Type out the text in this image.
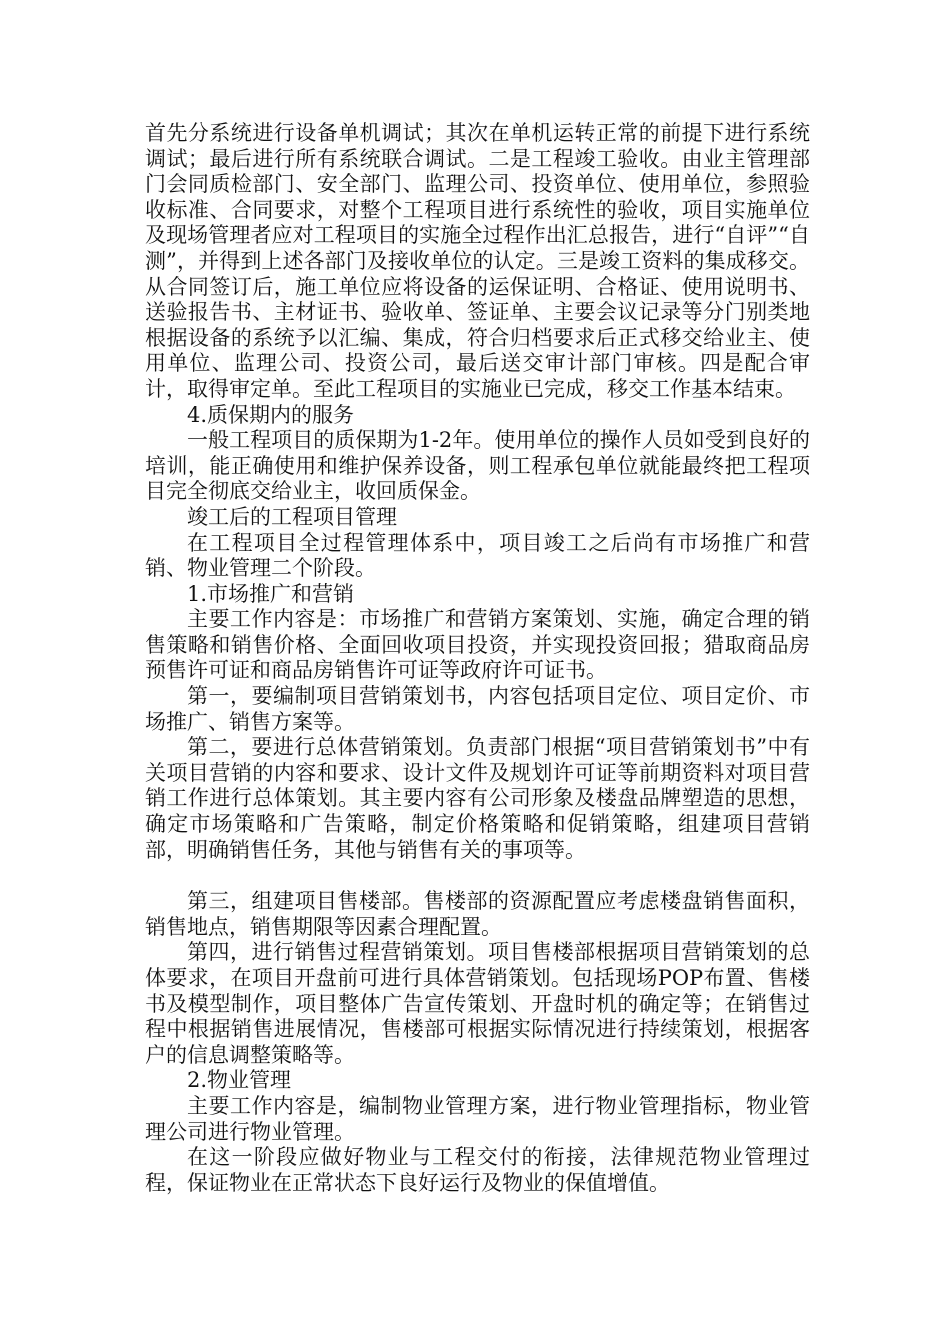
首先分系统进行设备单机调试；其次在单机运转正常的前提下进行系统调试；最后进行所有系统联合调试。二是工程竣工验收。由业主管理部门会同质检部门、安全部门、监理公司、投资单位、使用单位，参照验收标准、合同要求，对整个工程项目进行系统性的验收，项目实施单位及现场管理者应对工程项目的实施全过程作出汇总报告，进行“自评”“自测”，并得到上述各部门及接收单位的认定。三是竣工资料的集成移交。从合同签订后，施工单位应将设备的运保证明、合格证、使用说明书、送验报告书、主材证书、验收单、签证单、主要会议记录等分门别类地根据设备的系统予以汇编、集成，符合归档要求后正式移交给业主、使用单位、监理公司、投资公司，最后送交审计部门审核。四是配合审计，取得审定单。至此工程项目的实施业已完成，移交工作基本结束。

4.质保期内的服务

一般工程项目的质保期为1-2年。使用单位的操作人员如受到良好的培训，能正确使用和维护保养设备，则工程承包单位就能最终把工程项目完全彻底交给业主，收回质保金。

竣工后的工程项目管理

在工程项目全过程管理体系中，项目竣工之后尚有市场推广和营销、物业管理二个阶段。

1.市场推广和营销

主要工作内容是：市场推广和营销方案策划、实施，确定合理的销售策略和销售价格、全面回收项目投资，并实现投资回报；猎取商品房预售许可证和商品房销售许可证等政府许可证书。

第一，要编制项目营销策划书，内容包括项目定位、项目定价、市场推广、销售方案等。

第二，要进行总体营销策划。负责部门根据“项目营销策划书”中有关项目营销的内容和要求、设计文件及规划许可证等前期资料对项目营销工作进行总体策划。其主要内容有公司形象及楼盘品牌塑造的思想，确定市场策略和广告策略，制定价格策略和促销策略，组建项目营销部，明确销售任务，其他与销售有关的事项等。

第三，组建项目售楼部。售楼部的资源配置应考虑楼盘销售面积，销售地点，销售期限等因素合理配置。

第四，进行销售过程营销策划。项目售楼部根据项目营销策划的总体要求，在项目开盘前可进行具体营销策划。包括现场POP布置、售楼书及模型制作，项目整体广告宣传策划、开盘时机的确定等；在销售过程中根据销售进展情况，售楼部可根据实际情况进行持续策划，根据客户的信息调整策略等。

2.物业管理

主要工作内容是，编制物业管理方案，进行物业管理指标，物业管理公司进行物业管理。

在这一阶段应做好物业与工程交付的衔接，法律规范物业管理过程，保证物业在正常状态下良好运行及物业的保值增值。
